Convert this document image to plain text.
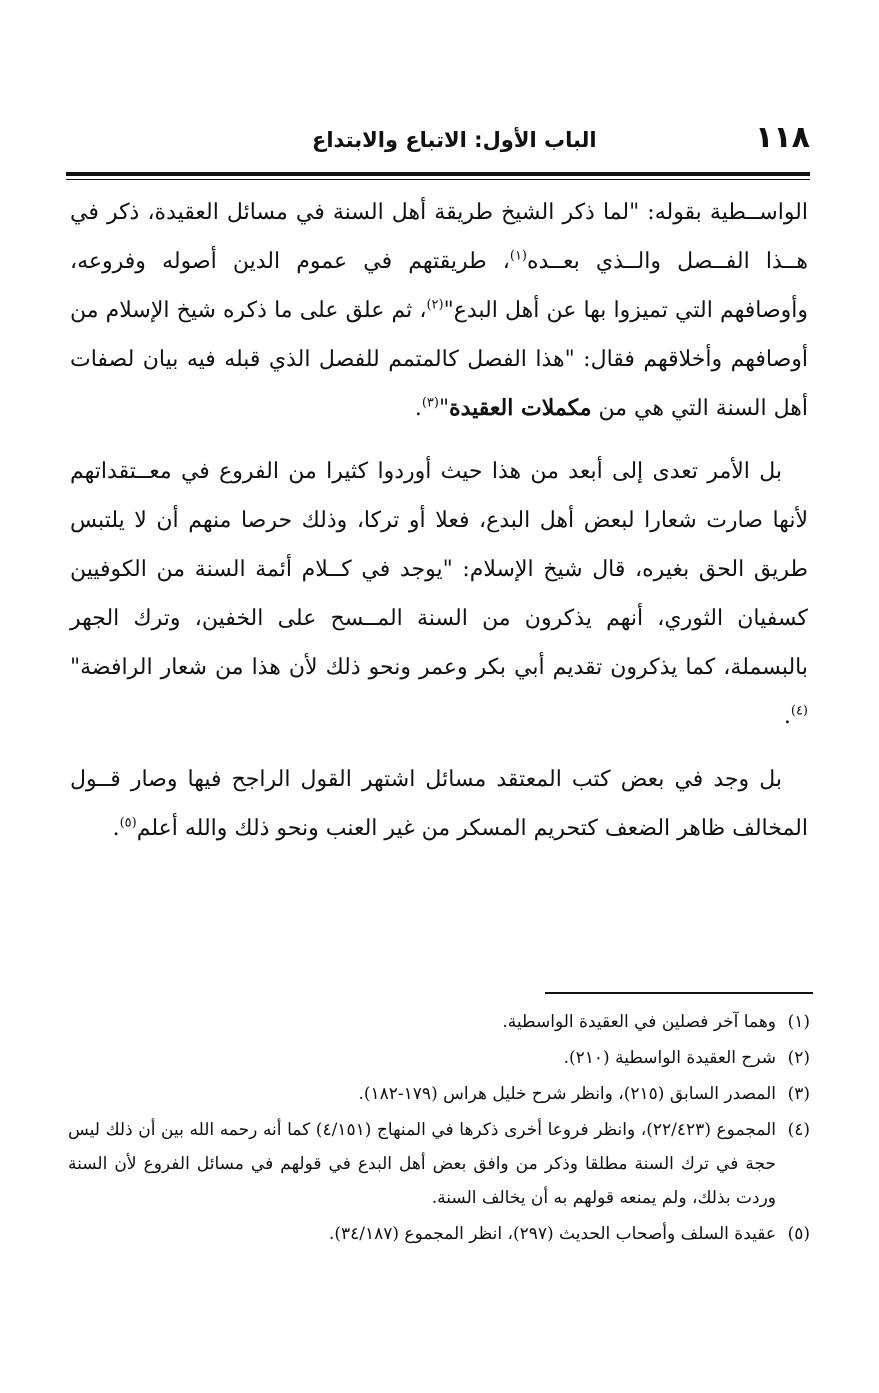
١١٨
الباب الأول: الاتباع والابتداع

الواســطية بقوله: "لما ذكر الشيخ طريقة أهل السنة في مسائل العقيدة، ذكر في هــذا الفــصل والــذي بعــده$^{(١)}$، طريقتهم في عموم الدين أصوله وفروعه، وأوصافهم التي تميزوا بها عن أهل البدع"$^{(٢)}$، ثم علق على ما ذكره شيخ الإسلام من أوصافهم وأخلاقهم فقال: "هذا الفصل كالمتمم للفصل الذي قبله فيه بيان لصفات أهل السنة التي هي من مكملات العقيدة"$^{(٣)}$.

بل الأمر تعدى إلى أبعد من هذا حيث أوردوا كثيرا من الفروع في معــتقداتهم لأنها صارت شعارا لبعض أهل البدع، فعلا أو تركا، وذلك حرصا منهم أن لا يلتبس طريق الحق بغيره، قال شيخ الإسلام: "يوجد في كــلام أئمة السنة من الكوفيين كسفيان الثوري، أنهم يذكرون من السنة المــسح على الخفين، وترك الجهر بالبسملة، كما يذكرون تقديم أبي بكر وعمر ونحو ذلك لأن هذا من شعار الرافضة"$^{(٤)}$.

بل وجد في بعض كتب المعتقد مسائل اشتهر القول الراجح فيها وصار قــول المخالف ظاهر الضعف كتحريم المسكر من غير العنب ونحو ذلك والله أعلم$^{(٥)}$.

(١)وهما آخر فصلين في العقيدة الواسطية.
(٢)شرح العقيدة الواسطية (٢١٠).
(٣)المصدر السابق (٢١٥)، وانظر شرح خليل هراس (١٧٩-١٨٢).
(٤)المجموع (٢٢/٤٢٣)، وانظر فروعا أخرى ذكرها في المنهاج (٤/١٥١) كما أنه رحمه الله بين أن ذلك ليس حجة في ترك السنة مطلقا وذكر من وافق بعض أهل البدع في قولهم في مسائل الفروع لأن السنة وردت بذلك، ولم يمنعه قولهم به أن يخالف السنة.
(٥)عقيدة السلف وأصحاب الحديث (٢٩٧)، انظر المجموع (٣٤/١٨٧).
